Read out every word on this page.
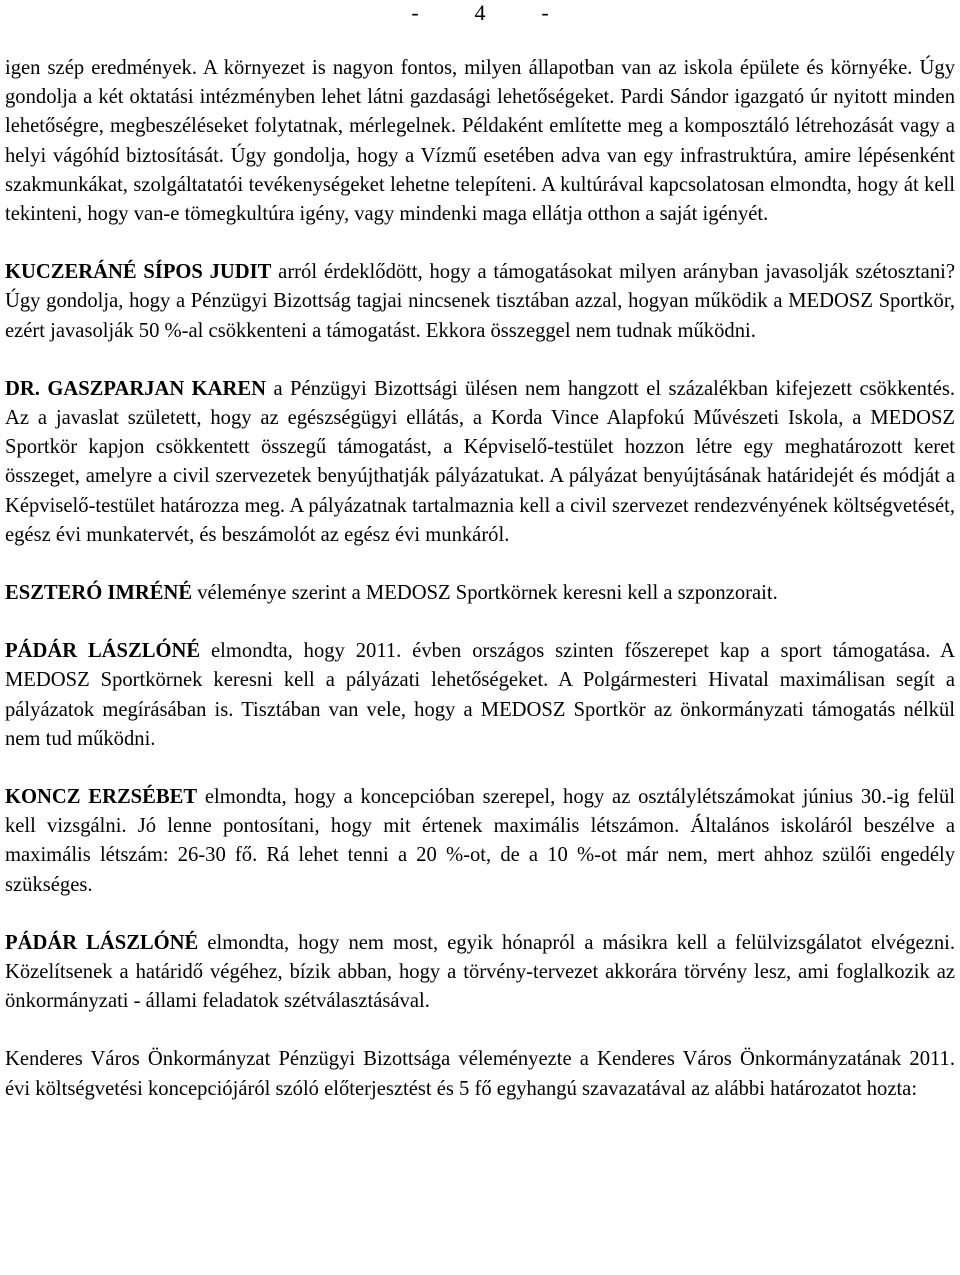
-	4	-

igen szép eredmények. A környezet is nagyon fontos, milyen állapotban van az iskola épülete és környéke. Úgy gondolja a két oktatási intézményben lehet látni gazdasági lehetőségeket. Pardi Sándor igazgató úr nyitott minden lehetőségre, megbeszéléseket folytatnak, mérlegelnek. Példaként említette meg a komposztáló létrehozását vagy a helyi vágóhíd biztosítását. Úgy gondolja, hogy a Vízmű esetében adva van egy infrastruktúra, amire lépésenként szakmunkákat, szolgáltatatói tevékenységeket lehetne telepíteni. A kultúrával kapcsolatosan elmondta, hogy át kell tekinteni, hogy van-e tömegkultúra igény, vagy mindenki maga ellátja otthon a saját igényét.

KUCZERÁNÉ SÍPOS JUDIT arról érdeklődött, hogy a támogatásokat milyen arányban javasolják szétosztani? Úgy gondolja, hogy a Pénzügyi Bizottság tagjai nincsenek tisztában azzal, hogyan működik a MEDOSZ Sportkör, ezért javasolják 50 %-al csökkenteni a támogatást. Ekkora összeggel nem tudnak működni.

DR. GASZPARJAN KAREN a Pénzügyi Bizottsági ülésen nem hangzott el százalékban kifejezett csökkentés. Az a javaslat született, hogy az egészségügyi ellátás, a Korda Vince Alapfokú Művészeti Iskola, a MEDOSZ Sportkör kapjon csökkentett összegű támogatást, a Képviselő-testület hozzon létre egy meghatározott keret összeget, amelyre a civil szervezetek benyújthatják pályázatukat. A pályázat benyújtásának határidejét és módját a Képviselő-testület határozza meg. A pályázatnak tartalmaznia kell a civil szervezet rendezvényének költségvetését, egész évi munkatervét, és beszámolót az egész évi munkáról.

ESZTERÓ IMRÉNÉ véleménye szerint a MEDOSZ Sportkörnek keresni kell a szponzorait.

PÁDÁR LÁSZLÓNÉ elmondta, hogy 2011. évben országos szinten főszerepet kap a sport támogatása. A MEDOSZ Sportkörnek keresni kell a pályázati lehetőségeket. A Polgármesteri Hivatal maximálisan segít a pályázatok megírásában is. Tisztában van vele, hogy a MEDOSZ Sportkör az önkormányzati támogatás nélkül nem tud működni.

KONCZ ERZSÉBET elmondta, hogy a koncepcióban szerepel, hogy az osztálylétszámokat június 30.-ig felül kell vizsgálni. Jó lenne pontosítani, hogy mit értenek maximális létszámon. Általános iskoláról beszélve a maximális létszám: 26-30 fő. Rá lehet tenni a 20 %-ot, de a 10 %-ot már nem, mert ahhoz szülői engedély szükséges.

PÁDÁR LÁSZLÓNÉ elmondta, hogy nem most, egyik hónapról a másikra kell a felülvizsgálatot elvégezni. Közelítsenek a határidő végéhez, bízik abban, hogy a törvény-tervezet akkorára törvény lesz, ami foglalkozik az önkormányzati - állami feladatok szétválasztásával.

Kenderes Város Önkormányzat Pénzügyi Bizottsága véleményezte a Kenderes Város Önkormányzatának 2011. évi költségvetési koncepciójáról szóló előterjesztést és 5 fő egyhangú szavazatával az alábbi határozatot hozta:
